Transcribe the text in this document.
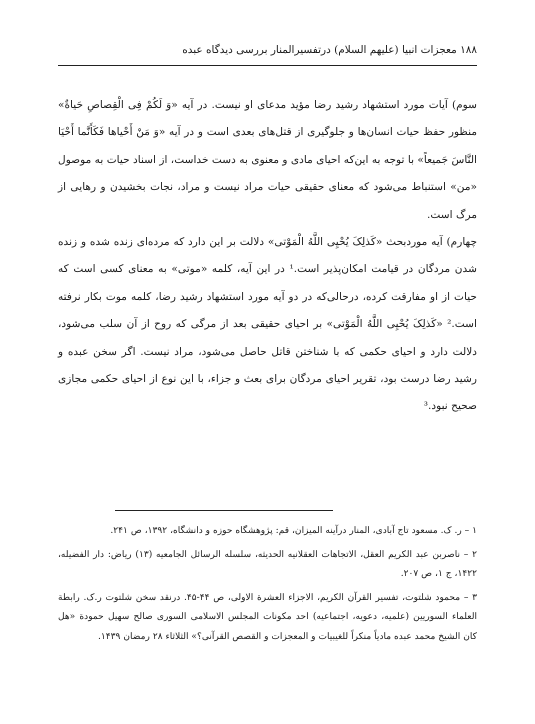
۱۸۸ معجزات انبیا (علیهم السلام) درتفسیرالمنار بررسی دیدگاه عبده

سوم) آیات مورد استشهاد رشید رضا مؤید مدعای او نیست. در آیه «وَ لَکُمْ فِی الْقِصاصِ حَیاةٌ» منظور حفظ حیات انسان‌ها و جلوگیری از قتل‌های بعدی است و در آیه «وَ مَنْ أَحْیاها فَکَأَنَّما أَحْیَا النَّاسَ جَمیعاً» با توجه به این‌که احیای مادی و معنوی به دست خداست، از اسناد حیات به موصول «من» استنباط می‌شود که معنای حقیقی حیات مراد نیست و مراد، نجات بخشیدن و رهایی از مرگ است.

چهارم) آیه موردبحث «کَذلِکَ یُحْیِی اللَّهُ الْمَوْتی» دلالت بر این دارد که مرده‌ای زنده شده و زنده شدن مردگان در قیامت امکان‌پذیر است.¹ در این آیه، کلمه «موتی» به معنای کسی است که حیات از او مفارقت کرده، درحالی‌که در دو آیه مورد استشهاد رشید رضا، کلمه موت بکار نرفته است.² «کَذلِکَ یُحْیِی اللَّهُ الْمَوْتی» بر احیای حقیقی بعد از مرگی که روح از آن سلب می‌شود، دلالت دارد و احیای حکمی که با شناختن قاتل حاصل می‌شود، مراد نیست. اگر سخن عبده و رشید رضا درست بود، تقریر احیای مردگان برای بعث و جزاء، با این نوع از احیای حکمی مجازی صحیح نبود.³

۱ – ر. ک. مسعود تاج آبادی، المنار درآینه المیزان، قم: پژوهشگاه حوزه و دانشگاه، ۱۳۹۲، ص ۲۴۱.

۲ – ناصربن عبد الکریم العقل، الاتجاهات العقلانیه الحدیثه، سلسله الرسائل الجامعیه (۱۳) ریاض: دار الفضیله، ۱۴۲۲، ج ۱، ص ۲۰۷.

۳ – محمود شلتوت، تفسیر القرآن الکریم، الاجزاء العشرة الاولی، ص ۴۴-۴۵. درنقد سخن شلتوت ر.ک. رابطة العلماء السوریین (علمیه، دعویه، اجتماعیه) احد مکونات المجلس الاسلامی السوری صالح سهیل حمودة «هل کان الشیخ محمد عبده مادیاً منکراً للغیبیات و المعجزات و القصص القرآنی؟» الثلاثاء ۲۸ رمضان ۱۴۳۹.
